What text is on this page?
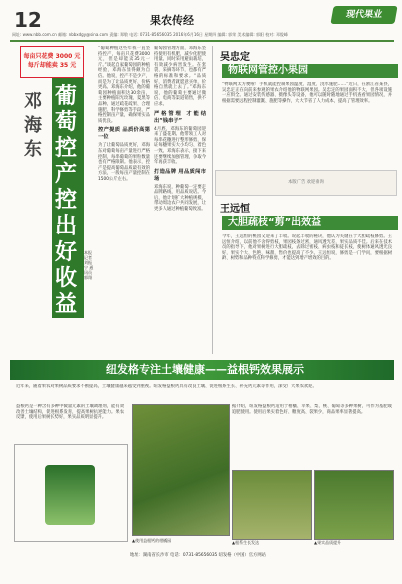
12	果农传经	现代果业
网址: www.nbb.com.cn 邮箱: nbbxdgy@sina.com 责编: 郑敬 电话: 0731-85656035 2016年6月16日 星期四 编辑: 郭荣 美术编辑: 郭阳 校对: 邓俊峰
每亩只花费 3000 元
每斤却能卖 35 元
邓海东
葡萄控产控出好收益
本报记者 刘振宁 通讯员 郭翔
“葡萄种植这些年我一直坚持控产，每亩只花费3000元，但是却能卖35元一斤。”谈起自家葡萄园的种植经验，邓海东显得颇为自信。他说，控产不是少产，而是为了让品质更好、价格更高。邓海东介绍，他的葡萄园种植面积达30余亩，主要种植阳光玫瑰、夏黑等品种。通过疏花疏果、合理施肥、科学修剪等手段，严格控制亩产量，确保果实品质优良。
控产提质 品质价高第一位
为了让葡萄品质更好，邓海东对葡萄每亩产量进行严格控制，每串葡萄的果粒数量也有严格限制。他表示，控产是提高葡萄品质最有效的方法，一般每亩产量控制在1500公斤左右。
葡萄园管理方面，邓海东坚持使用有机肥，减少化肥使用量。同时采用避雨栽培，有效减少病害发生。在套袋、采摘等环节，也都有严格的标准和要求。“品质好，消费者就愿意买单，价格自然就上去了。”邓海东说，他的葡萄主要通过微信、电商等渠道销售，供不应求。
严格管理 才能结出“钱串子”
4月底，邓海东的葡萄园迎来了盛花期。他带领工人对每串花穗进行整形修剪，保证每穗果实大小均匀、着色一致。邓海东表示，接下来还要继续加强管理，争取今年再获丰收。
打造品牌 用品质闯市场
邓海东说，种葡萄一定要走品牌路线，用品质说话。今后，他计划扩大种植规模，带动周边农户共同发展，让更多人通过种植葡萄致富。
吴忠定
物联网管控小果园
“物联网太方便啦！手机就能控制果园温度、湿度、浇水施肥……”近日，在浙江省某县，吴忠定正在向前来参观的果农介绍他的物联网果园。吴忠定的果园面积不大，但各项设施一应俱全。通过安装传感器、摄像头等设备，他可以随时随地通过手机查看果园情况，并根据需要远程控制灌溉、施肥等操作，大大节省了人力成本，提高了管理效率。
本版广告 欢迎垂询
王远恒
大胆疏枝“剪”出效益
今年，王远恒的桃园又迎来了丰收。说起丰收的秘诀，他认为关键在于大胆疏枝修剪。王远恒介绍，以前他不舍得剪枝，果园枝条过密，通风透光差，果实品质不佳。后来在技术员的指导下，他对果树进行大胆疏枝，去除过密枝、病虫枝和徒长枝，使树体通风透光良好，果实个大、色艳、味甜，售价也提高了不少。王远恒说，修剪是一门学问，要根据树龄、树势和品种特点科学修剪，才能达到增产增效的目的。
纽发格专注土壤健康——益根钙效果展示
近年来，随着果农对果树品质要求不断提高，土壤健康越来越受到重视。纽发格益根钙具有改良土壤、促进根系生长、补充钙元素等作用，深受广大果农欢迎。
益根钙是一种含有多种中微量元素的土壤调理剂，能有效改善土壤结构，促进根系发育，提高果树抗逆能力。果农反馈，使用后果树长势好，果实品质明显提升。
▲使用益根钙的柑橘园
据介绍，纽发格益根钙适用于柑橘、苹果、梨、桃、葡萄等多种果树，可作为基肥或追肥使用。使用后果实着色好、糖度高、裂果少，商品果率显著提高。
▲根系生长发达	▲果实品质提升
地址：湖南省长沙市 电话：0731-85656035 纽发格（中国）官方网站
